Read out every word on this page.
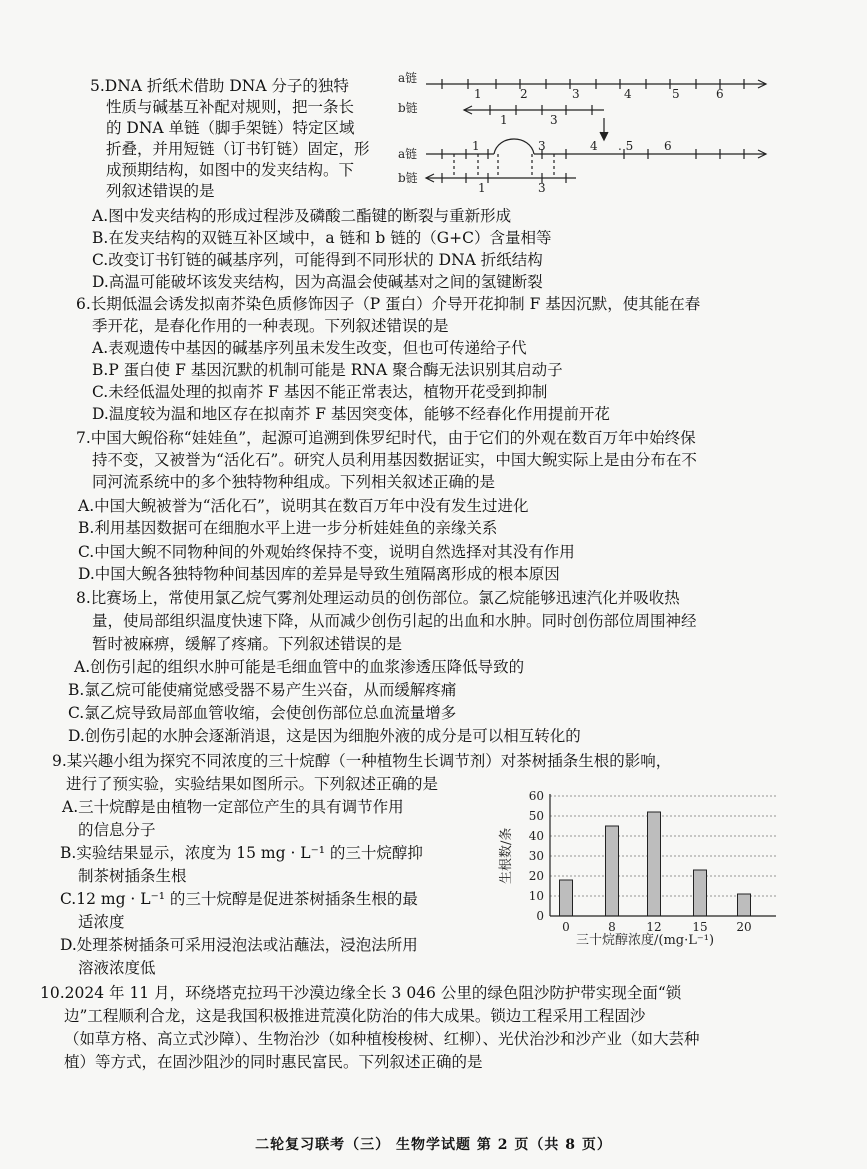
5.DNA 折纸术借助 DNA 分子的独特
性质与碱基互补配对规则，把一条长
的 DNA 单链（脚手架链）特定区域
折叠，并用短链（订书钉链）固定，形
成预期结构，如图中的发夹结构。下
列叙述错误的是
a链
b链
a链
b链
1	2	3	4	5	6
1	3
1	3	4 . 5	6
1	3
A.图中发夹结构的形成过程涉及磷酸二酯键的断裂与重新形成
B.在发夹结构的双链互补区域中，a 链和 b 链的（G+C）含量相等
C.改变订书钉链的碱基序列，可能得到不同形状的 DNA 折纸结构
D.高温可能破坏该发夹结构，因为高温会使碱基对之间的氢键断裂
6.长期低温会诱发拟南芥染色质修饰因子（P 蛋白）介导开花抑制 F 基因沉默，使其能在春
季开花，是春化作用的一种表现。下列叙述错误的是
A.表观遗传中基因的碱基序列虽未发生改变，但也可传递给子代
B.P 蛋白使 F 基因沉默的机制可能是 RNA 聚合酶无法识别其启动子
C.未经低温处理的拟南芥 F 基因不能正常表达，植物开花受到抑制
D.温度较为温和地区存在拟南芥 F 基因突变体，能够不经春化作用提前开花
7.中国大鲵俗称“娃娃鱼”，起源可追溯到侏罗纪时代，由于它们的外观在数百万年中始终保
持不变，又被誉为“活化石”。研究人员利用基因数据证实，中国大鲵实际上是由分布在不
同河流系统中的多个独特物种组成。下列相关叙述正确的是
A.中国大鲵被誉为“活化石”，说明其在数百万年中没有发生过进化
B.利用基因数据可在细胞水平上进一步分析娃娃鱼的亲缘关系
C.中国大鲵不同物种间的外观始终保持不变，说明自然选择对其没有作用
D.中国大鲵各独特物种间基因库的差异是导致生殖隔离形成的根本原因
8.比赛场上，常使用氯乙烷气雾剂处理运动员的创伤部位。氯乙烷能够迅速汽化并吸收热
量，使局部组织温度快速下降，从而减少创伤引起的出血和水肿。同时创伤部位周围神经
暂时被麻痹，缓解了疼痛。下列叙述错误的是
A.创伤引起的组织水肿可能是毛细血管中的血浆渗透压降低导致的
B.氯乙烷可能使痛觉感受器不易产生兴奋，从而缓解疼痛
C.氯乙烷导致局部血管收缩，会使创伤部位总血流量增多
D.创伤引起的水肿会逐渐消退，这是因为细胞外液的成分是可以相互转化的
9.某兴趣小组为探究不同浓度的三十烷醇（一种植物生长调节剂）对茶树插条生根的影响，
进行了预实验，实验结果如图所示。下列叙述正确的是
A.三十烷醇是由植物一定部位产生的具有调节作用
的信息分子
B.实验结果显示，浓度为 15 mg · L⁻¹ 的三十烷醇抑
制茶树插条生根
C.12 mg · L⁻¹ 的三十烷醇是促进茶树插条生根的最
适浓度
D.处理茶树插条可采用浸泡法或沾蘸法，浸泡法所用
溶液浓度低
0
10
20
30
40
50
60
0	8	12	15 20
生根数/条
三十烷醇浓度/(mg·L⁻¹)
10.2024 年 11 月，环绕塔克拉玛干沙漠边缘全长 3 046 公里的绿色阻沙防护带实现全面“锁
边”工程顺利合龙，这是我国积极推进荒漠化防治的伟大成果。锁边工程采用工程固沙
（如草方格、高立式沙障）、生物治沙（如种植梭梭树、红柳）、光伏治沙和沙产业（如大芸种
植）等方式，在固沙阻沙的同时惠民富民。下列叙述正确的是
二轮复习联考（三） 生物学试题 第 2 页（共 8 页）
